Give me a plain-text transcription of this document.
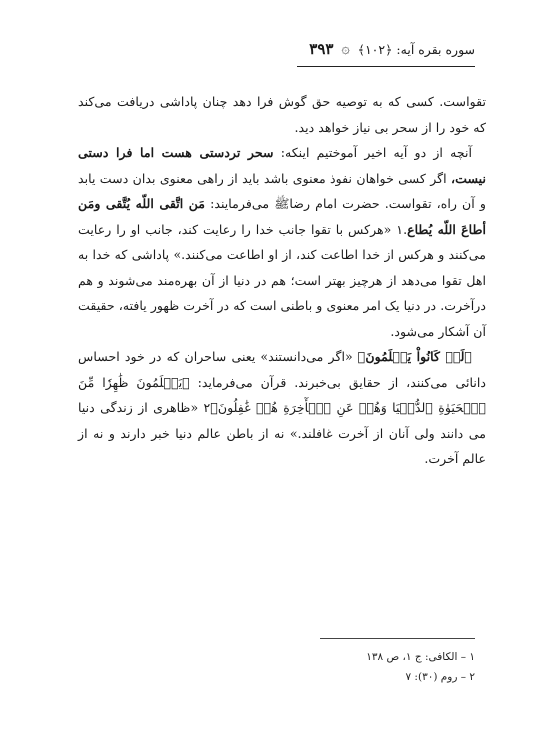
سوره بقره آیه: ﴿۱۰۲﴾
۞
۳۹۳

تقواست. کسی که به توصیه حق گوش فرا دهد چنان پاداشی دریافت می‌کند که خود را از سحر بی نیاز خواهد دید.

آنچه از دو آیه اخیر آموختیم اینکه: سحر تردستی هست اما فرا دستی نیست، اگر کسی خواهان نفوذ معنوی باشد باید از راهی معنوی بدان دست یابد و آن راه، تقواست. حضرت امام رضاﷺ می‌فرمایند: مَن اتَّقی اللّه یُتَّقی ومَن أطاعَ اللّه یُطاع.۱ «هرکس با تقوا جانب خدا را رعایت کند، جانب او را رعایت می‌کنند و هرکس از خدا اطاعت کند، از او اطاعت می‌کنند.» پاداشی که خدا به اهل تقوا می‌دهد از هرچیز بهتر است؛ هم در دنیا از آن بهره‌مند می‌شوند و هم درآخرت. در دنیا یک امر معنوی و باطنی است که در آخرت ظهور یافته، حقیقت آن آشکار می‌شود.

﴿لَوۡ كَانُواْ يَعۡلَمُونَ﴾ «اگر می‌دانستند» یعنی ساحران که در خود احساس دانائی می‌کنند، از حقایق بی‌خبرند. قرآن می‌فرماید: ﴿يَعۡلَمُونَ ظَٰهِرٗا مِّنَ ٱلۡحَيَوٰةِ ٱلدُّنۡيَا وَهُمۡ عَنِ ٱلۡأٓخِرَةِ هُمۡ غَٰفِلُونَ﴾۲ «ظاهری از زندگی دنیا می دانند ولی آنان از آخرت غافلند.» نه از باطن عالم دنیا خبر دارند و نه از عالم آخرت.

۱ – الکافی: ج ۱، ص ۱۳۸
۲ – روم (۳۰): ۷
